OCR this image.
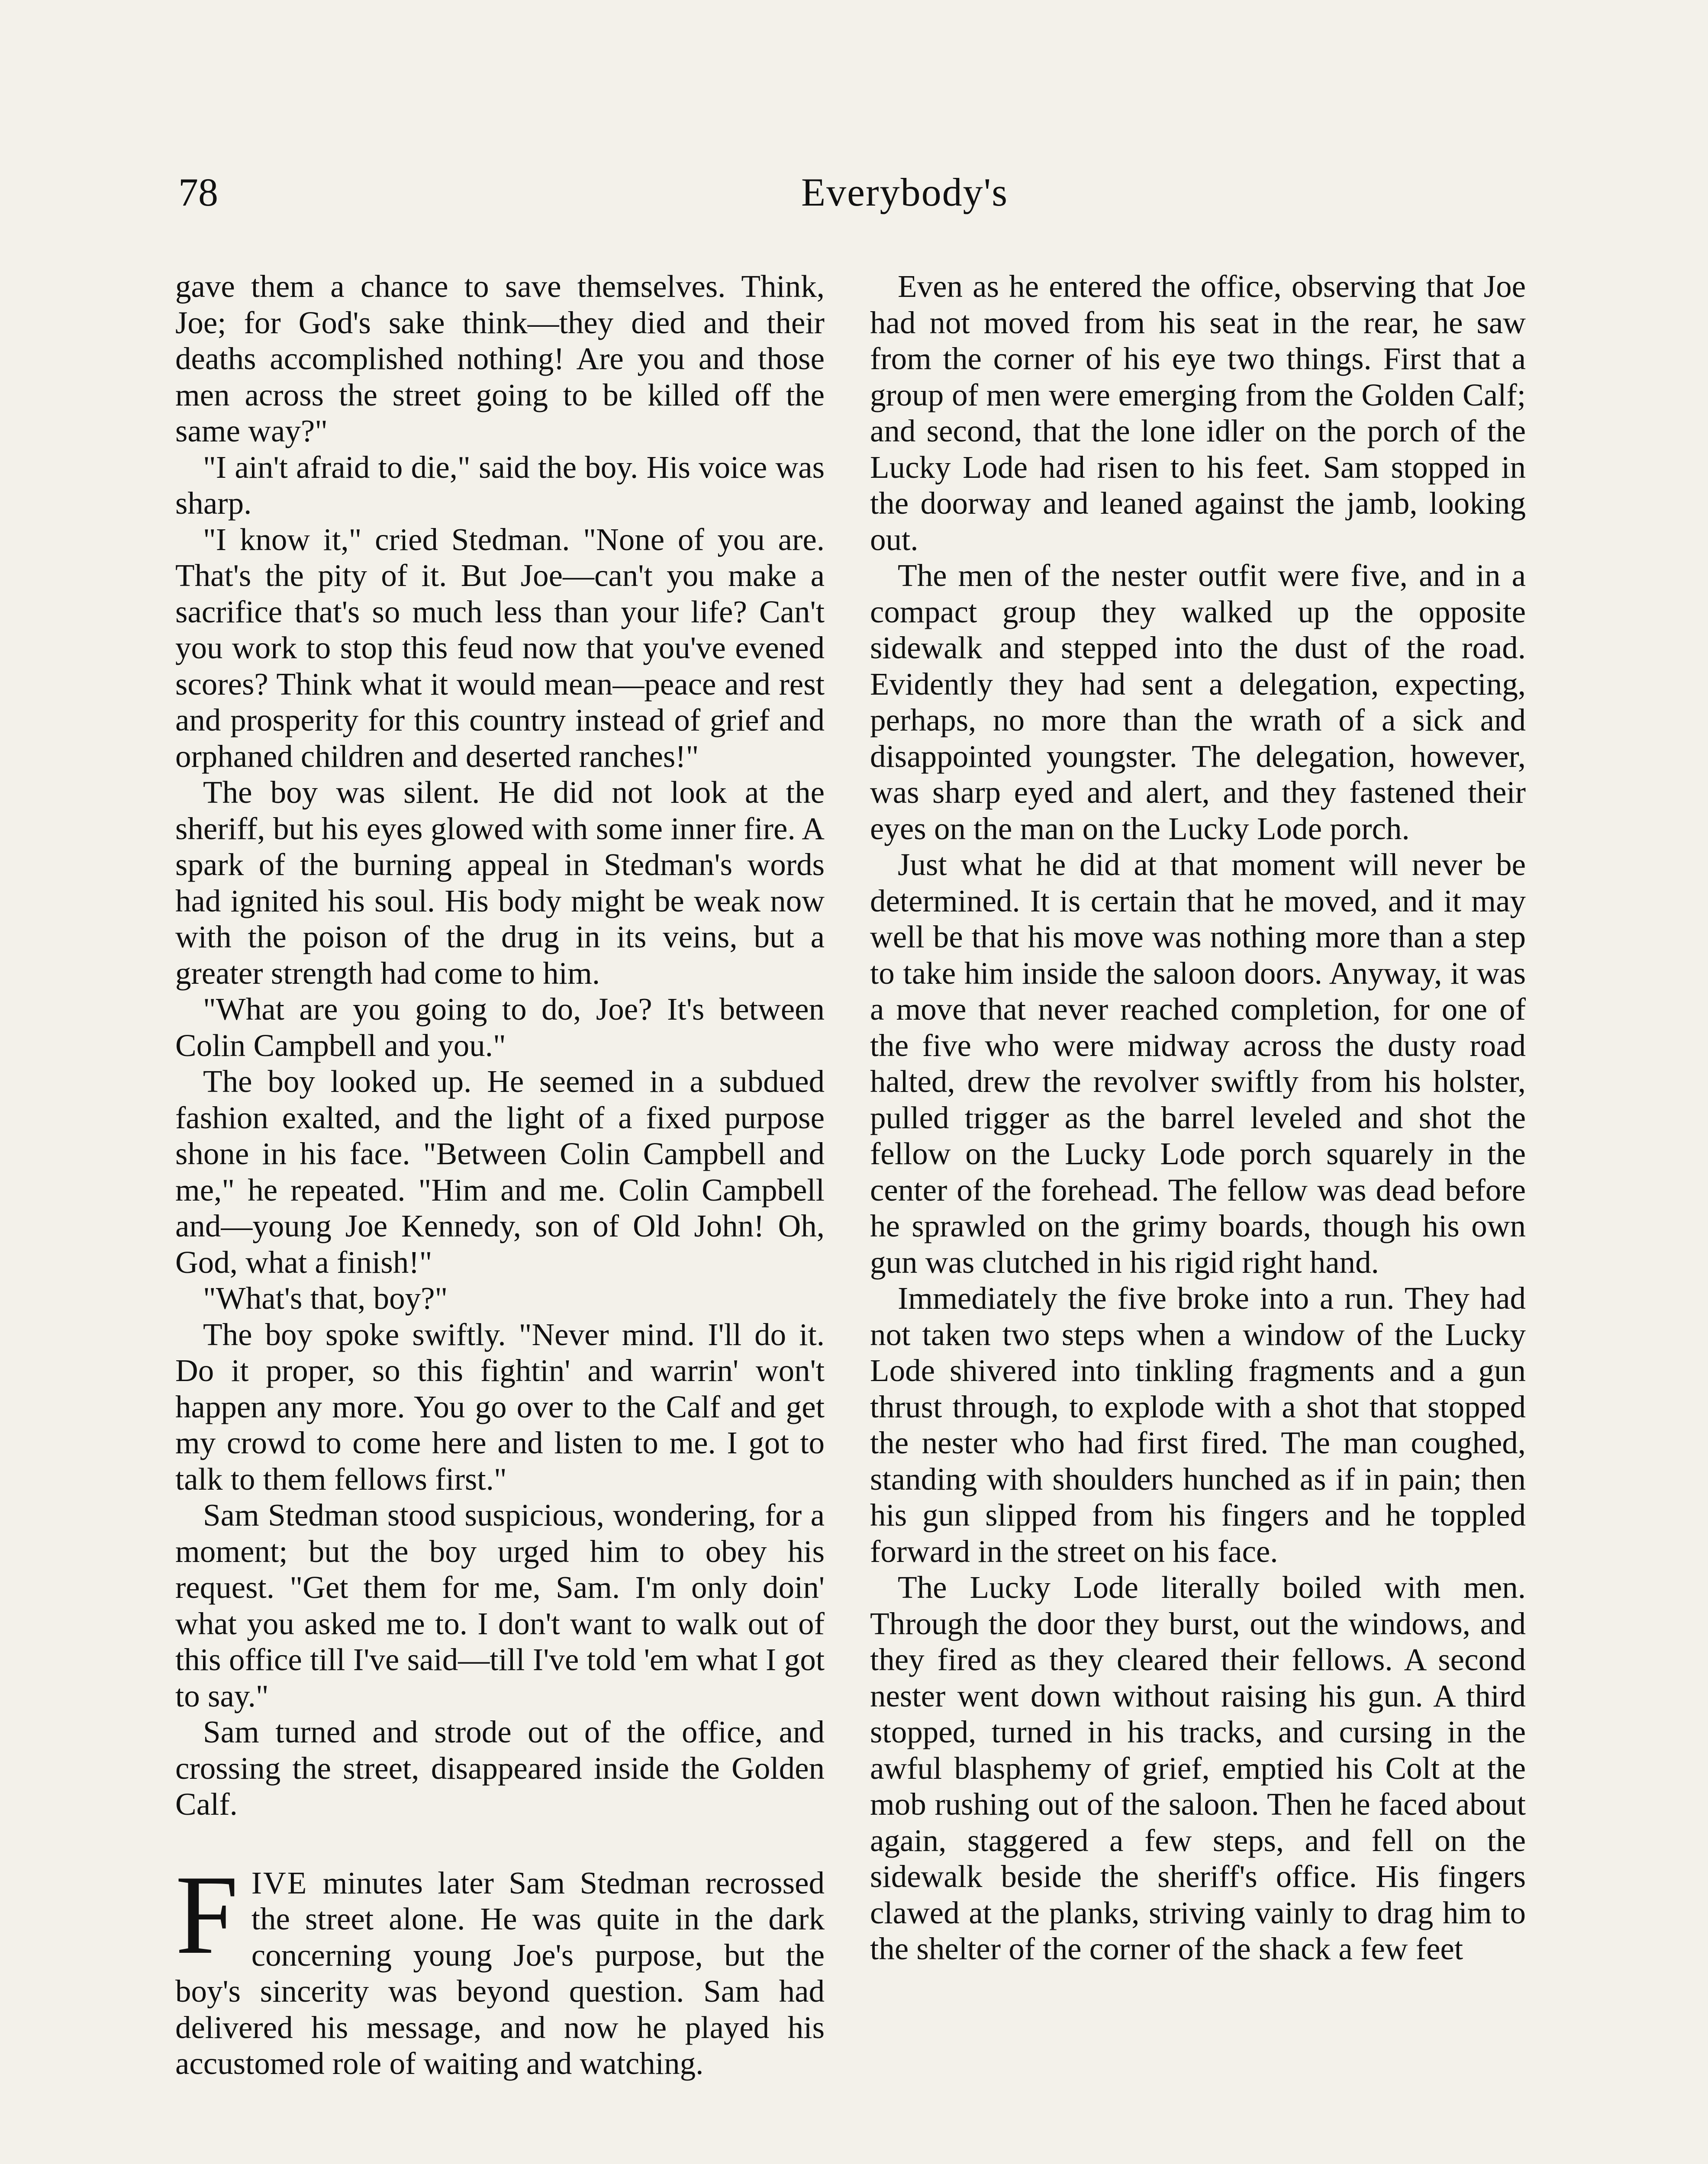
78	Everybody's

gave them a chance to save themselves. Think, Joe; for God's sake think—they died and their deaths accomplished nothing! Are you and those men across the street going to be killed off the same way?"

"I ain't afraid to die," said the boy. His voice was sharp.

"I know it," cried Stedman. "None of you are. That's the pity of it. But Joe—can't you make a sacrifice that's so much less than your life? Can't you work to stop this feud now that you've evened scores? Think what it would mean—peace and rest and prosperity for this country instead of grief and orphaned children and deserted ranches!"

The boy was silent. He did not look at the sheriff, but his eyes glowed with some inner fire. A spark of the burning appeal in Stedman's words had ignited his soul. His body might be weak now with the poison of the drug in its veins, but a greater strength had come to him.

"What are you going to do, Joe? It's between Colin Campbell and you."

The boy looked up. He seemed in a subdued fashion exalted, and the light of a fixed purpose shone in his face. "Between Colin Campbell and me," he repeated. "Him and me. Colin Campbell and—young Joe Kennedy, son of Old John! Oh, God, what a finish!"

"What's that, boy?"

The boy spoke swiftly. "Never mind. I'll do it. Do it proper, so this fightin' and warrin' won't happen any more. You go over to the Calf and get my crowd to come here and listen to me. I got to talk to them fellows first."

Sam Stedman stood suspicious, wondering, for a moment; but the boy urged him to obey his request. "Get them for me, Sam. I'm only doin' what you asked me to. I don't want to walk out of this office till I've said—till I've told 'em what I got to say."

Sam turned and strode out of the office, and crossing the street, disappeared inside the Golden Calf.

FIVE minutes later Sam Stedman recrossed the street alone. He was quite in the dark concerning young Joe's purpose, but the boy's sincerity was beyond question. Sam had delivered his message, and now he played his accustomed role of waiting and watching.

Even as he entered the office, observing that Joe had not moved from his seat in the rear, he saw from the corner of his eye two things. First that a group of men were emerging from the Golden Calf; and second, that the lone idler on the porch of the Lucky Lode had risen to his feet. Sam stopped in the doorway and leaned against the jamb, looking out.

The men of the nester outfit were five, and in a compact group they walked up the opposite sidewalk and stepped into the dust of the road. Evidently they had sent a delegation, expecting, perhaps, no more than the wrath of a sick and disappointed youngster. The delegation, however, was sharp eyed and alert, and they fastened their eyes on the man on the Lucky Lode porch.

Just what he did at that moment will never be determined. It is certain that he moved, and it may well be that his move was nothing more than a step to take him inside the saloon doors. Anyway, it was a move that never reached completion, for one of the five who were midway across the dusty road halted, drew the revolver swiftly from his holster, pulled trigger as the barrel leveled and shot the fellow on the Lucky Lode porch squarely in the center of the forehead. The fellow was dead before he sprawled on the grimy boards, though his own gun was clutched in his rigid right hand.

Immediately the five broke into a run. They had not taken two steps when a window of the Lucky Lode shivered into tinkling fragments and a gun thrust through, to explode with a shot that stopped the nester who had first fired. The man coughed, standing with shoulders hunched as if in pain; then his gun slipped from his fingers and he toppled forward in the street on his face.

The Lucky Lode literally boiled with men. Through the door they burst, out the windows, and they fired as they cleared their fellows. A second nester went down without raising his gun. A third stopped, turned in his tracks, and cursing in the awful blasphemy of grief, emptied his Colt at the mob rushing out of the saloon. Then he faced about again, staggered a few steps, and fell on the sidewalk beside the sheriff's office. His fingers clawed at the planks, striving vainly to drag him to the shelter of the corner of the shack a few feet
